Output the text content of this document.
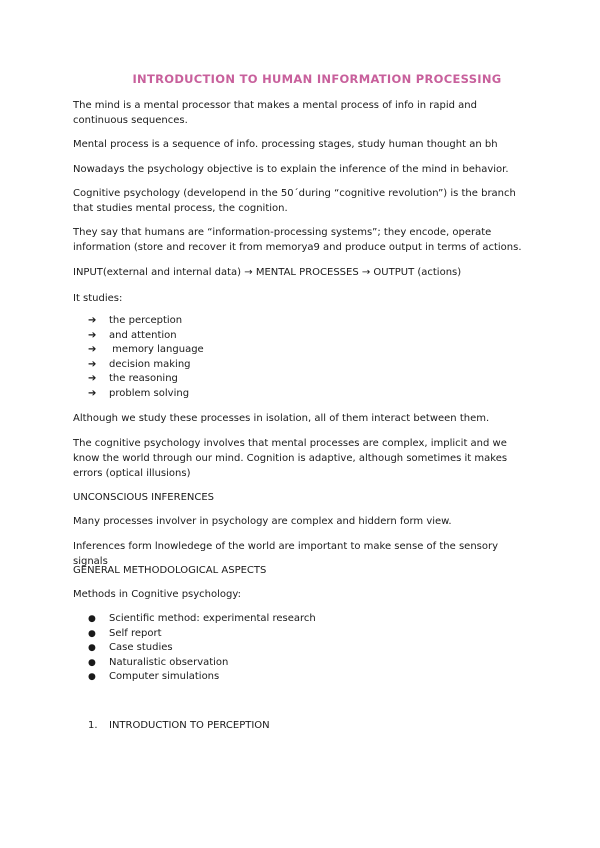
INTRODUCTION TO HUMAN INFORMATION PROCESSING

The mind is a mental processor that makes a mental process of info in rapid and continuous sequences.

Mental process is a sequence of info. processing stages, study human thought an bh

Nowadays the psychology objective is to explain the inference of the mind in behavior.

Cognitive psychology (developend in the 50´during “cognitive revolution”) is the branch that studies mental process, the cognition.

They say that humans are “information-processing systems”; they encode, operate information (store and recover it from memorya9 and produce output in terms of actions.

INPUT(external and internal data) → MENTAL PROCESSES → OUTPUT (actions)

It studies:

➔ the perception
➔ and attention
➔ memory language
➔ decision making
➔ the reasoning
➔ problem solving

Although we study these processes in isolation, all of them interact between them.

The cognitive psychology involves that mental processes are complex, implicit and we know the world through our mind. Cognition is adaptive, although sometimes it makes errors (optical illusions)

UNCONSCIOUS INFERENCES

Many processes involver in psychology are complex and hiddern form view.

Inferences form lnowledege of the world are important to make sense of the sensory signals

GENERAL METHODOLOGICAL ASPECTS

Methods in Cognitive psychology:

● Scientific method: experimental research
● Self report
● Case studies
● Naturalistic observation
● Computer simulations
1. INTRODUCTION TO PERCEPTION
